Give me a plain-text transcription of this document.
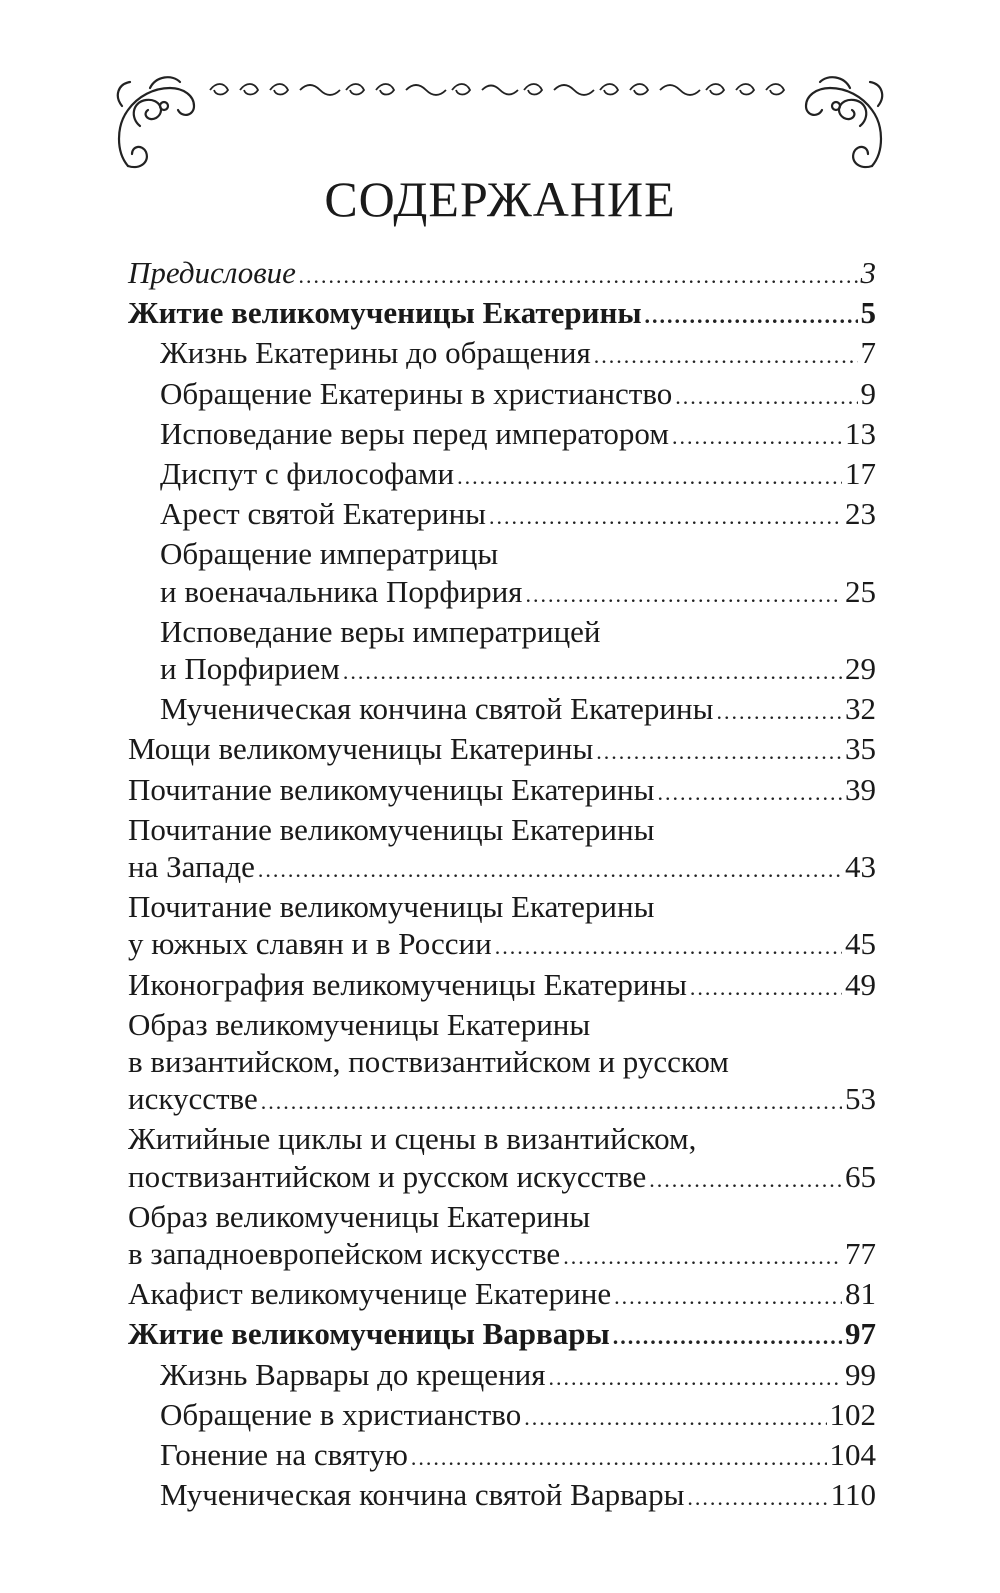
СОДЕРЖАНИЕ
Предисловие .....	3
Житие великомученицы Екатерины .....	5
Жизнь Екатерины до обращения .....	7
Обращение Екатерины в христианство .....	9
Исповедание веры перед императором .....	13
Диспут с философами .....	17
Арест святой Екатерины .....	23
Обращение императрицы
и военачальника Порфирия .....	25
Исповедание веры императрицей
и Порфирием .....	29
Мученическая кончина святой Екатерины .....	32
Мощи великомученицы Екатерины .....	35
Почитание великомученицы Екатерины .....	39
Почитание великомученицы Екатерины
на Западе .....	43
Почитание великомученицы Екатерины
у южных славян и в России .....	45
Иконография великомученицы Екатерины .....	49
Образ великомученицы Екатерины
в византийском, поствизантийском и русском
искусстве .....	53
Житийные циклы и сцены в византийском,
поствизантийском и русском искусстве .....	65
Образ великомученицы Екатерины
в западноевропейском искусстве .....	77
Акафист великомученице Екатерине .....	81
Житие великомученицы Варвары .....	97
Жизнь Варвары до крещения .....	99
Обращение в христианство .....	102
Гонение на святую .....	104
Мученическая кончина святой Варвары .....	110
